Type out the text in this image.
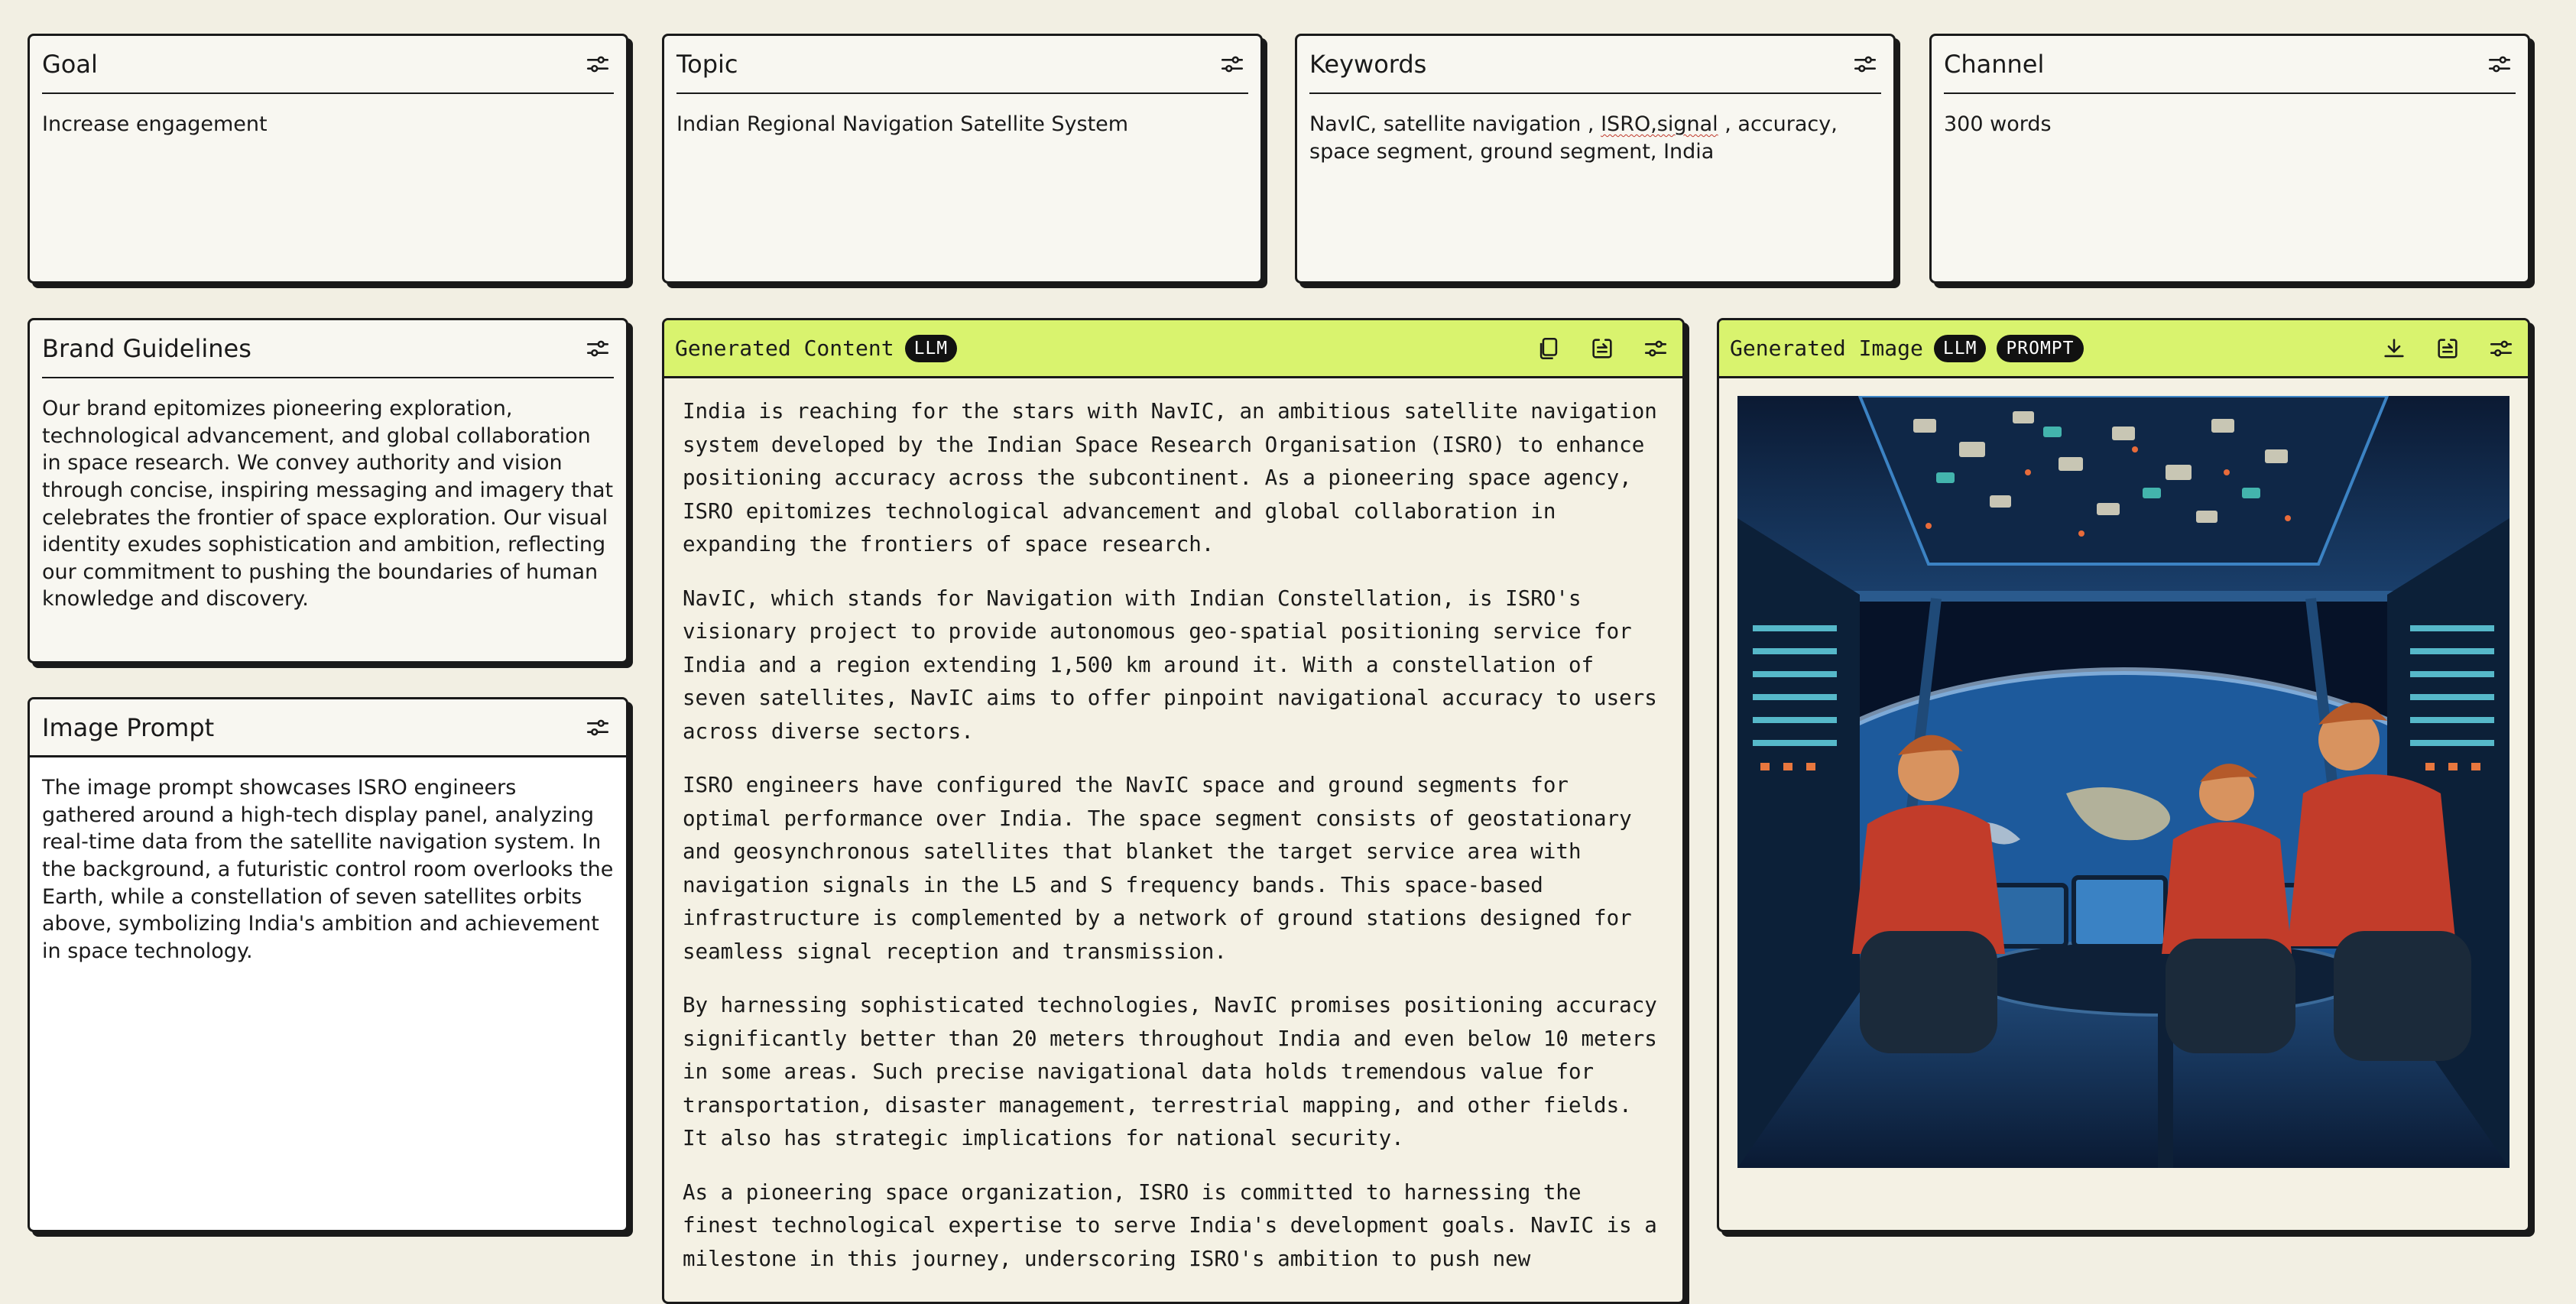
Goal
Increase engagement
Topic
Indian Regional Navigation Satellite System
Keywords
NavIC, satellite navigation , ISRO,signal , accuracy, space segment, ground segment, India
Channel
300 words
Brand Guidelines
Our brand epitomizes pioneering exploration, technological advancement, and global collaboration in space research. We convey authority and vision through concise, inspiring messaging and imagery that celebrates the frontier of space exploration. Our visual identity exudes sophistication and ambition, reflecting our commitment to pushing the boundaries of human knowledge and discovery.
Image Prompt
The image prompt showcases ISRO engineers gathered around a high-tech display panel, analyzing real-time data from the satellite navigation system. In the background, a futuristic control room overlooks the Earth, while a constellation of seven satellites orbits above, symbolizing India's ambition and achievement in space technology.
Generated Content	LLM

India is reaching for the stars with NavIC, an ambitious satellite navigation system developed by the Indian Space Research Organisation (ISRO) to enhance positioning accuracy across the subcontinent. As a pioneering space agency, ISRO epitomizes technological advancement and global collaboration in expanding the frontiers of space research.

NavIC, which stands for Navigation with Indian Constellation, is ISRO's visionary project to provide autonomous geo-spatial positioning service for India and a region extending 1,500 km around it. With a constellation of seven satellites, NavIC aims to offer pinpoint navigational accuracy to users across diverse sectors.

ISRO engineers have configured the NavIC space and ground segments for optimal performance over India. The space segment consists of geostationary and geosynchronous satellites that blanket the target service area with navigation signals in the L5 and S frequency bands. This space-based infrastructure is complemented by a network of ground stations designed for seamless signal reception and transmission.

By harnessing sophisticated technologies, NavIC promises positioning accuracy significantly better than 20 meters throughout India and even below 10 meters in some areas. Such precise navigational data holds tremendous value for transportation, disaster management, terrestrial mapping, and other fields. It also has strategic implications for national security.

As a pioneering space organization, ISRO is committed to harnessing the finest technological expertise to serve India's development goals. NavIC is a milestone in this journey, underscoring ISRO's ambition to push new

Generated Image	LLM	PROMPT
